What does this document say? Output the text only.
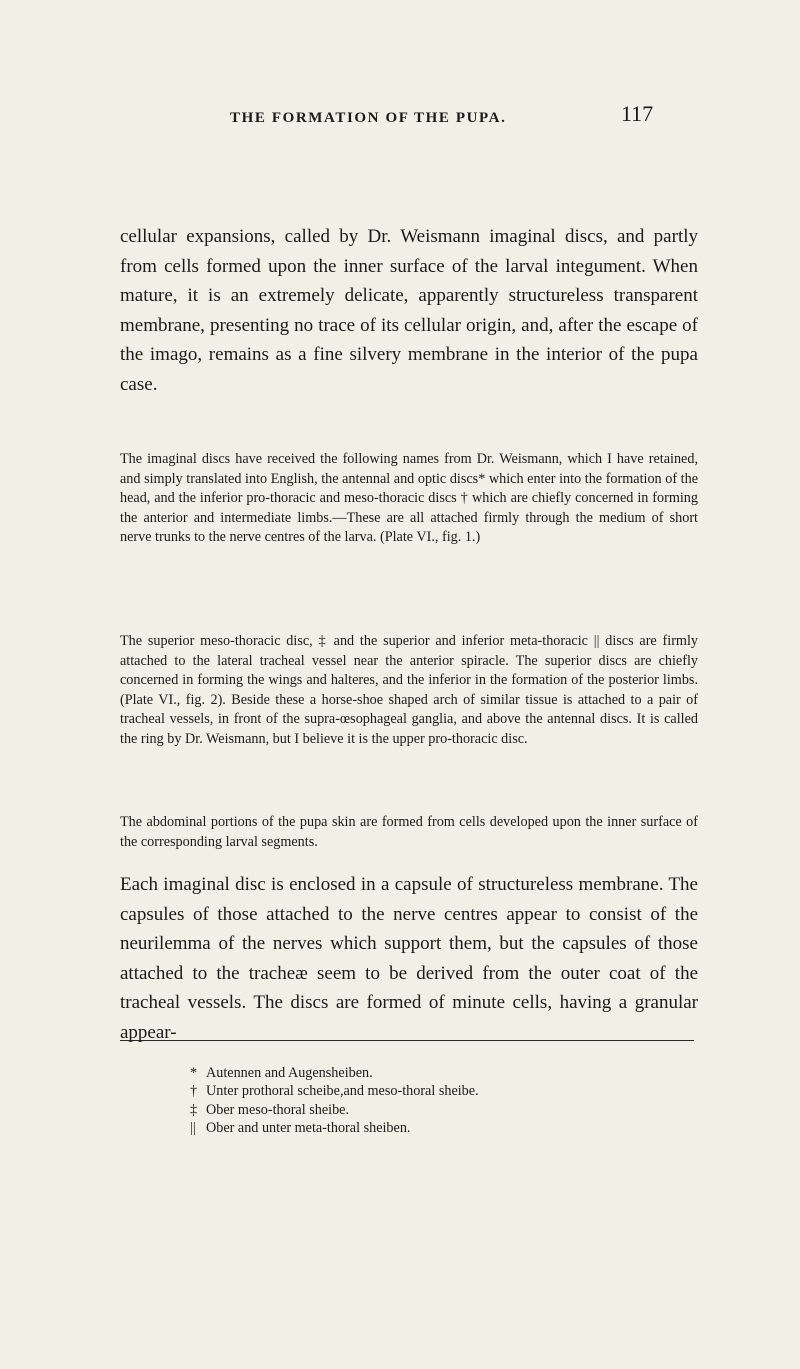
THE FORMATION OF THE PUPA.	117
cellular expansions, called by Dr. Weismann imaginal discs, and partly from cells formed upon the inner surface of the larval integument. When mature, it is an extremely delicate, apparently structureless transparent membrane, presenting no trace of its cellular origin, and, after the escape of the imago, remains as a fine silvery membrane in the interior of the pupa case.
The imaginal discs have received the following names from Dr. Weismann, which I have retained, and simply translated into English, the antennal and optic discs* which enter into the formation of the head, and the inferior pro-thoracic and meso-thoracic discs † which are chiefly concerned in forming the anterior and intermediate limbs.—These are all attached firmly through the medium of short nerve trunks to the nerve centres of the larva. (Plate VI., fig. 1.)
The superior meso-thoracic disc, ‡ and the superior and inferior meta-thoracic || discs are firmly attached to the lateral tracheal vessel near the anterior spiracle. The superior discs are chiefly concerned in forming the wings and halteres, and the inferior in the formation of the posterior limbs. (Plate VI., fig. 2). Beside these a horse-shoe shaped arch of similar tissue is attached to a pair of tracheal vessels, in front of the supra-œsophageal ganglia, and above the antennal discs. It is called the ring by Dr. Weismann, but I believe it is the upper pro-thoracic disc.
The abdominal portions of the pupa skin are formed from cells developed upon the inner surface of the corresponding larval segments.
Each imaginal disc is enclosed in a capsule of structureless membrane. The capsules of those attached to the nerve centres appear to consist of the neurilemma of the nerves which support them, but the capsules of those attached to the tracheæ seem to be derived from the outer coat of the tracheal vessels. The discs are formed of minute cells, having a granular appear-
* Autennen and Augensheiben.
† Unter prothoral scheibe,and meso-thoral sheibe.
‡ Ober meso-thoral sheibe.
|| Ober and unter meta-thoral sheiben.
